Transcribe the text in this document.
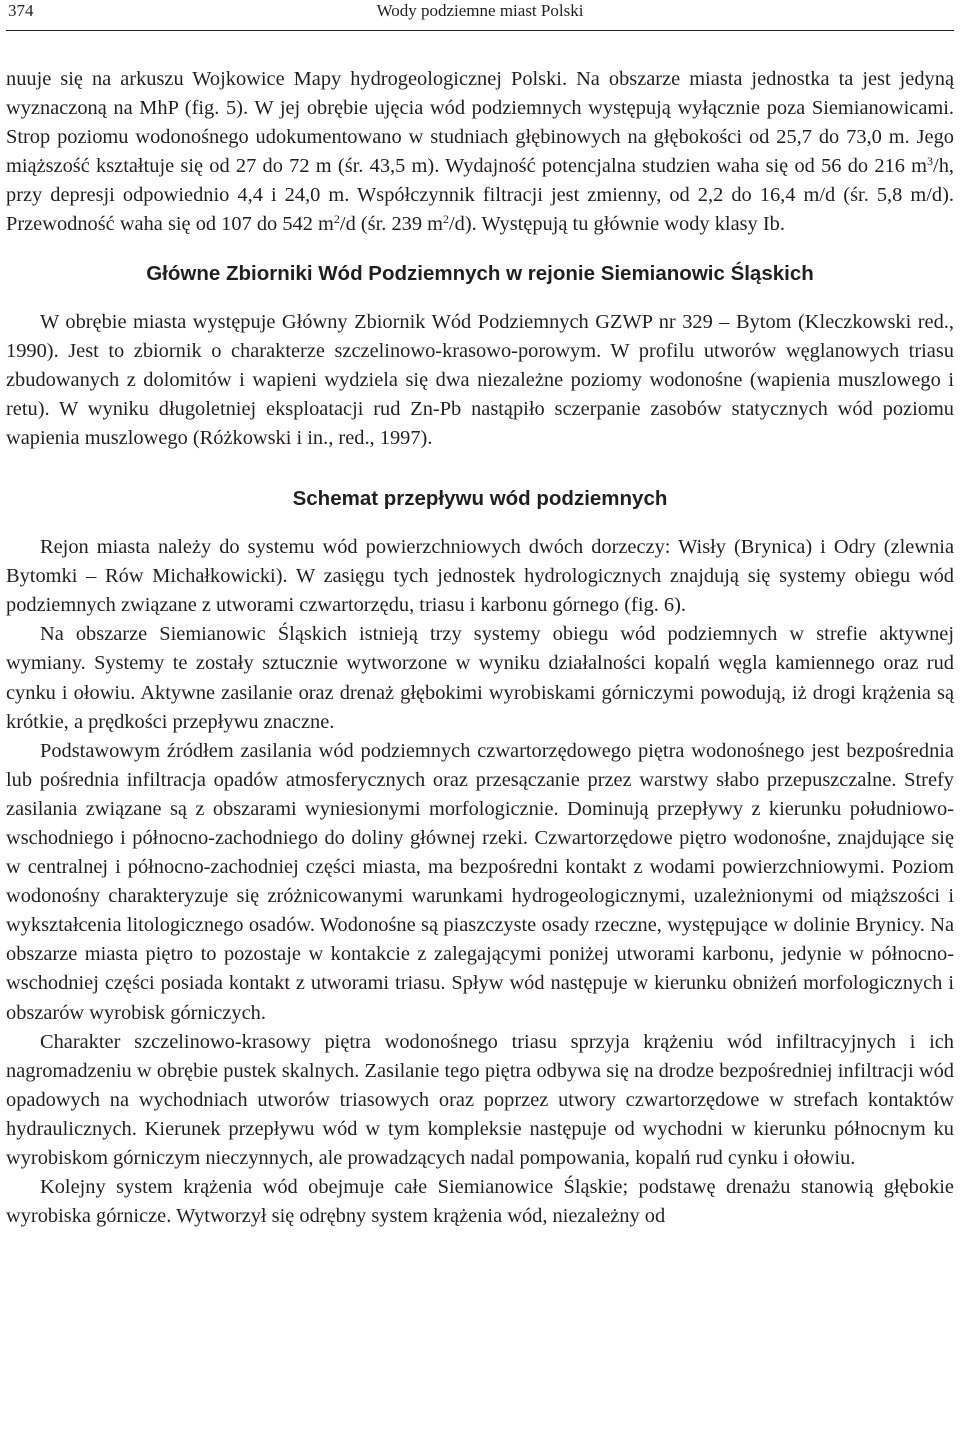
374	Wody podziemne miast Polski

nuuje się na arkuszu Wojkowice Mapy hydrogeologicznej Polski. Na obszarze miasta jednostka ta jest jedyną wyznaczoną na MhP (fig. 5). W jej obrębie ujęcia wód podziemnych występują wyłącznie poza Siemianowicami. Strop poziomu wodonośnego udokumentowano w studniach głębinowych na głębokości od 25,7 do 73,0 m. Jego miąższość kształtuje się od 27 do 72 m (śr. 43,5 m). Wydajność potencjalna studzien waha się od 56 do 216 $m^3/h$, przy depresji odpowiednio 4,4 i 24,0 m. Współczynnik filtracji jest zmienny, od 2,2 do 16,4 m/d (śr. 5,8 m/d). Przewodność waha się od 107 do 542 $m^2/d$ (śr. 239 $m^2/d$). Występują tu głównie wody klasy Ib.

Główne Zbiorniki Wód Podziemnych w rejonie Siemianowic Śląskich

W obrębie miasta występuje Główny Zbiornik Wód Podziemnych GZWP nr 329 – Bytom (Kleczkowski red., 1990). Jest to zbiornik o charakterze szczelinowo-krasowo-porowym. W profilu utworów węglanowych triasu zbudowanych z dolomitów i wapieni wydziela się dwa niezależne poziomy wodonośne (wapienia muszlowego i retu). W wyniku długoletniej eksploatacji rud Zn-Pb nastąpiło sczerpanie zasobów statycznych wód poziomu wapienia muszlowego (Różkowski i in., red., 1997).

Schemat przepływu wód podziemnych

Rejon miasta należy do systemu wód powierzchniowych dwóch dorzeczy: Wisły (Brynica) i Odry (zlewnia Bytomki – Rów Michałkowicki). W zasięgu tych jednostek hydrologicznych znajdują się systemy obiegu wód podziemnych związane z utworami czwartorzędu, triasu i karbonu górnego (fig. 6).

Na obszarze Siemianowic Śląskich istnieją trzy systemy obiegu wód podziemnych w strefie aktywnej wymiany. Systemy te zostały sztucznie wytworzone w wyniku działalności kopalń węgla kamiennego oraz rud cynku i ołowiu. Aktywne zasilanie oraz drenaż głębokimi wyrobiskami górniczymi powodują, iż drogi krążenia są krótkie, a prędkości przepływu znaczne.

Podstawowym źródłem zasilania wód podziemnych czwartorzędowego piętra wodonośnego jest bezpośrednia lub pośrednia infiltracja opadów atmosferycznych oraz przesączanie przez warstwy słabo przepuszczalne. Strefy zasilania związane są z obszarami wyniesionymi morfologicznie. Dominują przepływy z kierunku południowo-wschodniego i północno-zachodniego do doliny głównej rzeki. Czwartorzędowe piętro wodonośne, znajdujące się w centralnej i północno-zachodniej części miasta, ma bezpośredni kontakt z wodami powierzchniowymi. Poziom wodonośny charakteryzuje się zróżnicowanymi warunkami hydrogeologicznymi, uzależnionymi od miąższości i wykształcenia litologicznego osadów. Wodonośne są piaszczyste osady rzeczne, występujące w dolinie Brynicy. Na obszarze miasta piętro to pozostaje w kontakcie z zalegającymi poniżej utworami karbonu, jedynie w północno-wschodniej części posiada kontakt z utworami triasu. Spływ wód następuje w kierunku obniżeń morfologicznych i obszarów wyrobisk górniczych.

Charakter szczelinowo-krasowy piętra wodonośnego triasu sprzyja krążeniu wód infiltracyjnych i ich nagromadzeniu w obrębie pustek skalnych. Zasilanie tego piętra odbywa się na drodze bezpośredniej infiltracji wód opadowych na wychodniach utworów triasowych oraz poprzez utwory czwartorzędowe w strefach kontaktów hydraulicznych. Kierunek przepływu wód w tym kompleksie następuje od wychodni w kierunku północnym ku wyrobiskom górniczym nieczynnych, ale prowadzących nadal pompowania, kopalń rud cynku i ołowiu.

Kolejny system krążenia wód obejmuje całe Siemianowice Śląskie; podstawę drenażu stanowią głębokie wyrobiska górnicze. Wytworzył się odrębny system krążenia wód, niezależny od
